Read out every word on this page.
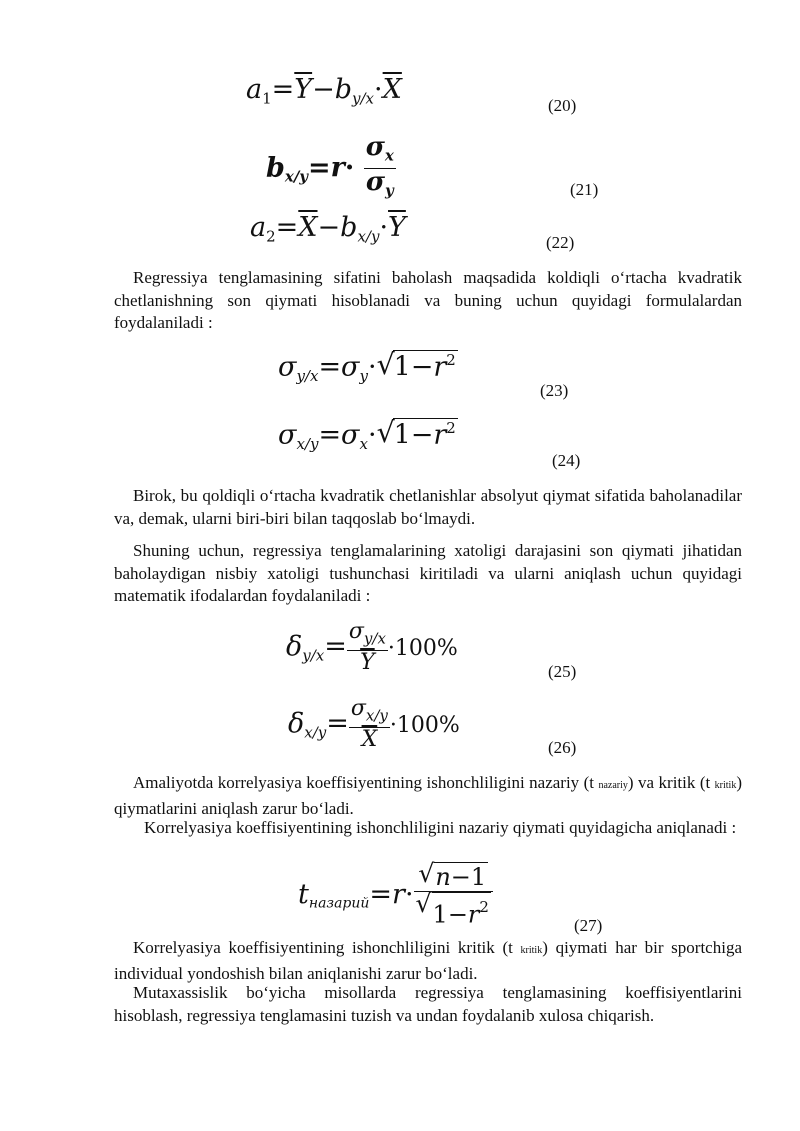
$a_1=\overline{Y}-b_{y/x}\cdot\overline{X}$
(20)
$b_{x/y}=r\cdot \frac{\sigma_x}{\sigma_y}$	(21)
$a_2=\overline{X}-b_{x/y}\cdot\overline{Y}$	(22)
Regressiya tenglamasining sifatini baholash maqsadida koldiqli o‘rtacha kvadratik chetlanishning son qiymati hisoblanadi va buning uchun quyidagi formulalardan foydalaniladi :
$\sigma_{y/x}=\sigma_y\cdot$ √ $1-r^2$
(23)
$\sigma_{x/y}=\sigma_x\cdot$ √ $1-r^2$
(24)
Birok, bu qoldiqli o‘rtacha kvadratik chetlanishlar absolyut qiymat sifatida baholanadilar va, demak, ularni biri-biri bilan taqqoslab bo‘lmaydi.
Shuning uchun, regressiya tenglamalarining xatoligi darajasini son qiymati jihatidan baholaydigan nisbiy xatoligi tushunchasi kiritiladi va ularni aniqlash uchun quyidagi matematik ifodalardan foydalaniladi :
$\delta_{y/x}= \frac{\sigma_{y/x}}{Y} \cdot 100\%$
(25)
$\delta_{x/y}= \frac{\sigma_{x/y}}{X} \cdot 100\%$
(26)
Amaliyotda korrelyasiya koeffisiyentining ishonchliligini nazariy (t nazariy) va kritik (t kritik) qiymatlarini aniqlash zarur bo‘ladi.
Korrelyasiya koeffisiyentining ishonchliligini nazariy qiymati quyidagicha aniqlanadi :
$t_{назарий}=r\cdot$ √ n−1
√ $1-r^2$	(27)
Korrelyasiya koeffisiyentining ishonchliligini kritik (t kritik) qiymati har bir sportchiga individual yondoshish bilan aniqlanishi zarur bo‘ladi.
Mutaxassislik bo‘yicha misollarda regressiya tenglamasining koeffisiyentlarini hisoblash, regressiya tenglamasini tuzish va undan foydalanib xulosa chiqarish.
